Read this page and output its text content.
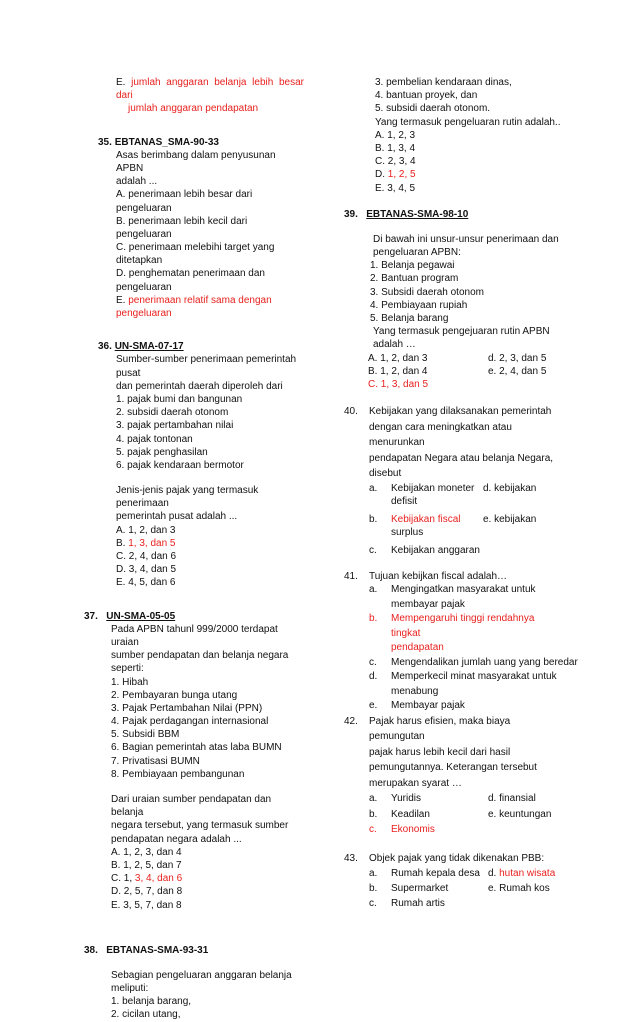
E. jumlah anggaran belanja lebih besar dari
jumlah anggaran pendapatan
35.
EBTANAS_SMA-90-33
Asas berimbang dalam penyusunan APBN
adalah ...
A. penerimaan lebih besar dari pengeluaran
B. penerimaan lebih kecil dari pengeluaran
C. penerimaan melebihi target yang ditetapkan
D. penghematan penerimaan dan pengeluaran
E. penerimaan relatif sama dengan
pengeluaran
36.
UN-SMA-07-17
Sumber-sumber penerimaan pemerintah pusat
dan pemerintah daerah diperoleh dari
1. pajak bumi dan bangunan
2. subsidi daerah otonom
3. pajak pertambahan nilai
4. pajak tontonan
5. pajak penghasilan
6. pajak kendaraan bermotor
Jenis-jenis pajak yang termasuk penerimaan
pemerintah pusat adalah ...
A. 1, 2, dan 3
B. 1, 3, dan 5
C. 2, 4, dan 6
D. 3, 4, dan 5
E. 4, 5, dan 6
37.
UN-SMA-05-05
Pada APBN tahunl 999/2000 terdapat uraian
sumber pendapatan dan belanja negara
seperti:
1. Hibah
2. Pembayaran bunga utang
3. Pajak Pertambahan Nilai (PPN)
4. Pajak perdagangan internasional
5. Subsidi BBM
6. Bagian pemerintah atas laba BUMN
7. Privatisasi BUMN
8. Pembiayaan pembangunan
Dari uraian sumber pendapatan dan belanja
negara tersebut, yang termasuk sumber
pendapatan negara adalah ...
A. 1, 2, 3, dan 4
B. 1, 2, 5, dan 7
C. 1, 3, 4, dan 6
D. 2, 5, 7, dan 8
E. 3, 5, 7, dan 8
38.
EBTANAS-SMA-93-31
Sebagian pengeluaran anggaran belanja
meliputi:
1. belanja barang,
2. cicilan utang,
3. pembelian kendaraan dinas,
4. bantuan proyek, dan
5. subsidi daerah otonom.
Yang termasuk pengeluaran rutin adalah..
A. 1, 2, 3
B. 1, 3, 4
C. 2, 3, 4
D. 1, 2, 5
E. 3, 4, 5
39.
EBTANAS-SMA-98-10
Di bawah ini unsur-unsur penerimaan dan
pengeluaran APBN:
1. Belanja pegawai
2. Bantuan program
3. Subsidi daerah otonom
4. Pembiayaan rupiah
5. Belanja barang
Yang termasuk pengejuaran rutin APBN
adalah …
A. 1, 2, dan 3	d. 2, 3, dan 5
B. 1, 2, dan 4	e. 2, 4, dan 5
C. 1, 3, dan 5
40.	Kebijakan yang dilaksanakan pemerintah
dengan cara meningkatkan atau menurunkan
pendapatan Negara atau belanja Negara,
disebut
a.	Kebijakan moneter d. kebijakan
defisit
b.	Kebijakan fiscal	e. kebijakan
surplus
c.	Kebijakan anggaran
41.	Tujuan kebijkan fiscal adalah…
a.	Mengingatkan masyarakat untuk
membayar pajak
b.	Mempengaruhi tinggi rendahnya tingkat
pendapatan
c.	Mengendalikan jumlah uang yang beredar
d.	Memperkecil minat masyarakat untuk
menabung
e.	Membayar pajak
42.	Pajak harus efisien, maka biaya pemungutan
pajak harus lebih kecil dari hasil
pemungutannya. Keterangan tersebut
merupakan syarat …
a.	Yuridis	d. finansial
b.	Keadilan	e. keuntungan
c.	Ekonomis
43.	Objek pajak yang tidak dikenakan PBB:
a.	Rumah kepala desa d. hutan wisata
b.	Supermarket	e. Rumah kos
c.	Rumah artis
